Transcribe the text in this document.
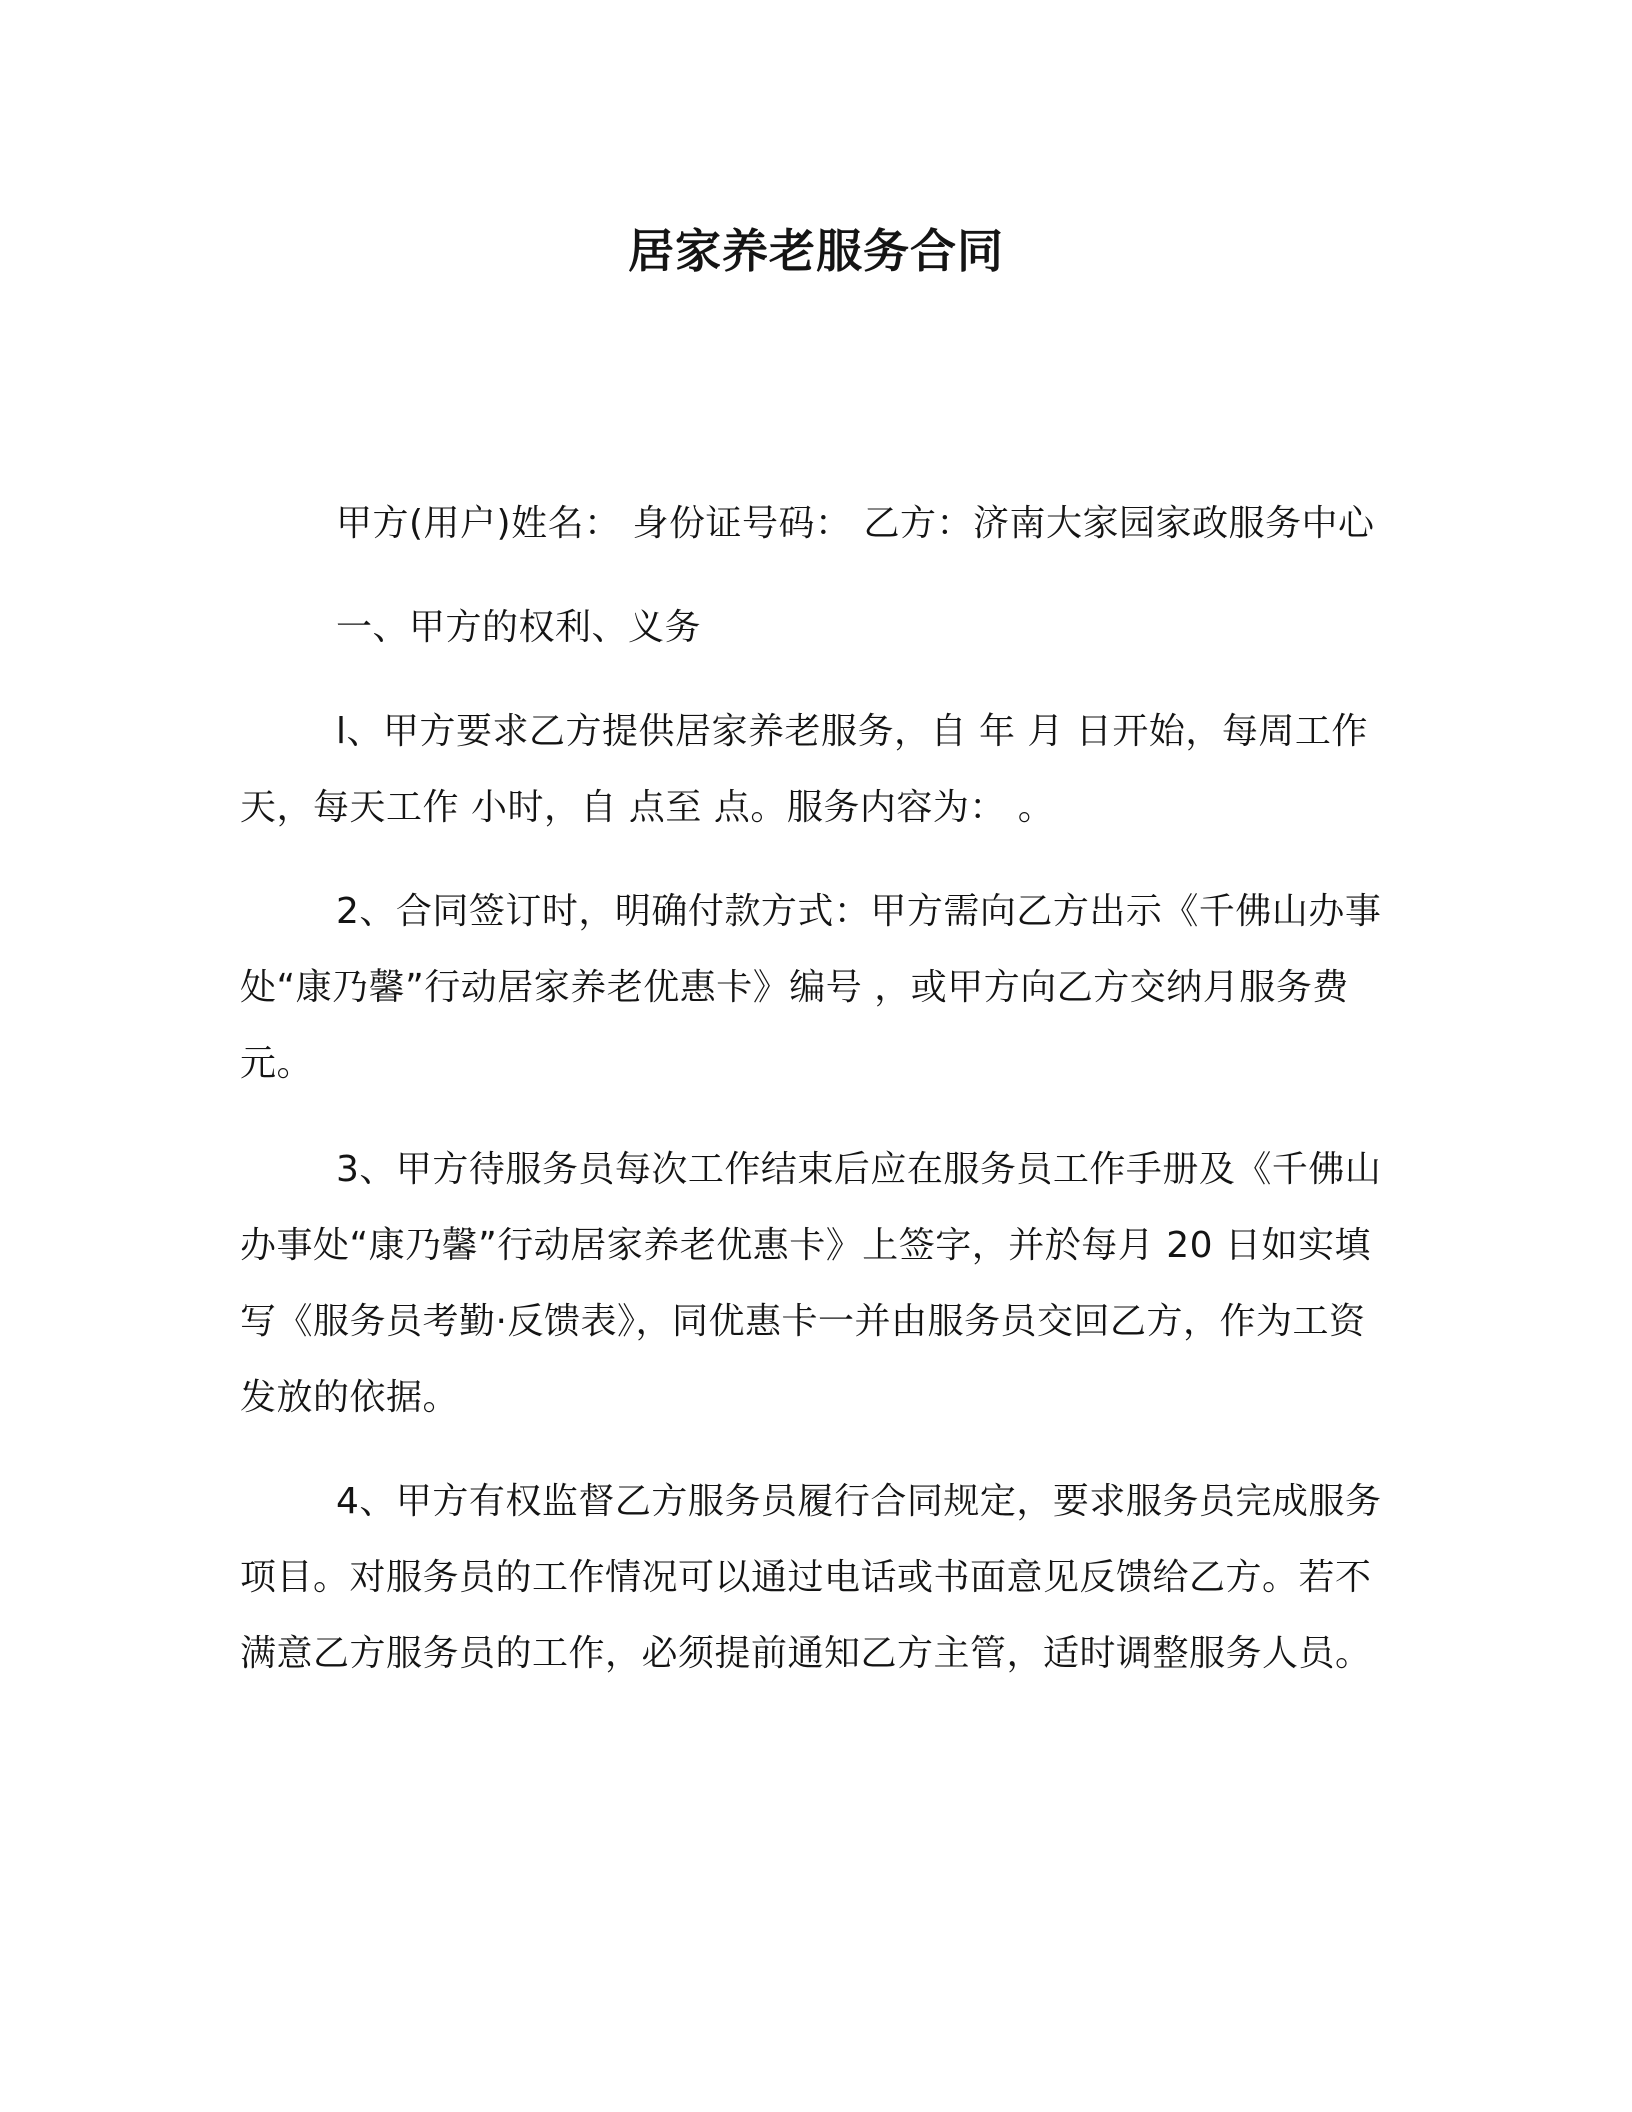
居家养老服务合同

甲方(用户)姓名： 身份证号码： 乙方：济南大家园家政服务中心

一、甲方的权利、义务

l、甲方要求乙方提供居家养老服务，自 年 月 日开始，每周工作 天，每天工作 小时，自 点至 点。服务内容为： 。

2、合同签订时，明确付款方式：甲方需向乙方出示《千佛山办事处“康乃馨”行动居家养老优惠卡》编号 ，或甲方向乙方交纳月服务费 元。

3、甲方待服务员每次工作结束后应在服务员工作手册及《千佛山办事处“康乃馨”行动居家养老优惠卡》上签字，并於每月 20 日如实填写《服务员考勤·反馈表》，同优惠卡一并由服务员交回乙方，作为工资发放的依据。

4、甲方有权监督乙方服务员履行合同规定，要求服务员完成服务项目。对服务员的工作情况可以通过电话或书面意见反馈给乙方。若不满意乙方服务员的工作，必须提前通知乙方主管，适时调整服务人员。
